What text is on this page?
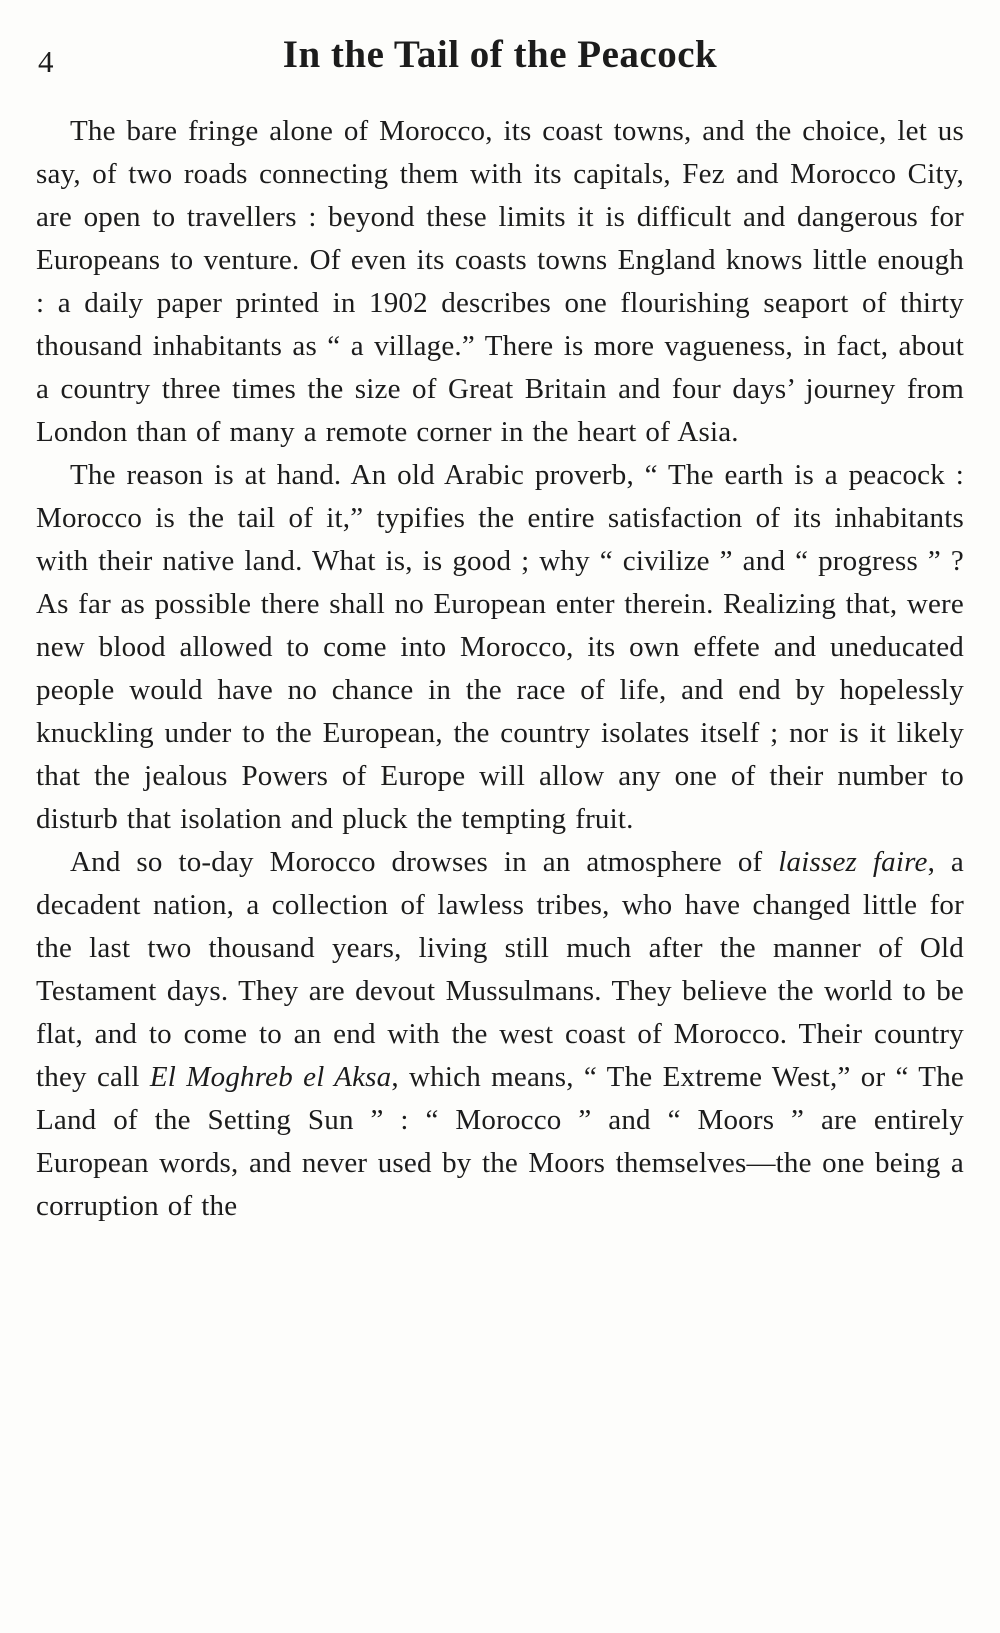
4	In the Tail of the Peacock

The bare fringe alone of Morocco, its coast towns, and the choice, let us say, of two roads connecting them with its capitals, Fez and Morocco City, are open to travellers : beyond these limits it is difficult and dangerous for Europeans to venture. Of even its coasts towns England knows little enough : a daily paper printed in 1902 describes one flourishing seaport of thirty thousand inhabitants as “ a village.” There is more vagueness, in fact, about a country three times the size of Great Britain and four days’ journey from London than of many a remote corner in the heart of Asia.

The reason is at hand. An old Arabic proverb, “ The earth is a peacock : Morocco is the tail of it,” typifies the entire satisfaction of its inhabitants with their native land. What is, is good ; why “ civilize ” and “ progress ” ? As far as possible there shall no European enter therein. Realizing that, were new blood allowed to come into Morocco, its own effete and uneducated people would have no chance in the race of life, and end by hopelessly knuckling under to the European, the country isolates itself ; nor is it likely that the jealous Powers of Europe will allow any one of their number to disturb that isolation and pluck the tempting fruit.

And so to-day Morocco drowses in an atmosphere of laissez faire, a decadent nation, a collection of lawless tribes, who have changed little for the last two thousand years, living still much after the manner of Old Testament days. They are devout Mussulmans. They believe the world to be flat, and to come to an end with the west coast of Morocco. Their country they call El Moghreb el Aksa, which means, “ The Extreme West,” or “ The Land of the Setting Sun ” : “ Morocco ” and “ Moors ” are entirely European words, and never used by the Moors themselves—the one being a corruption of the
